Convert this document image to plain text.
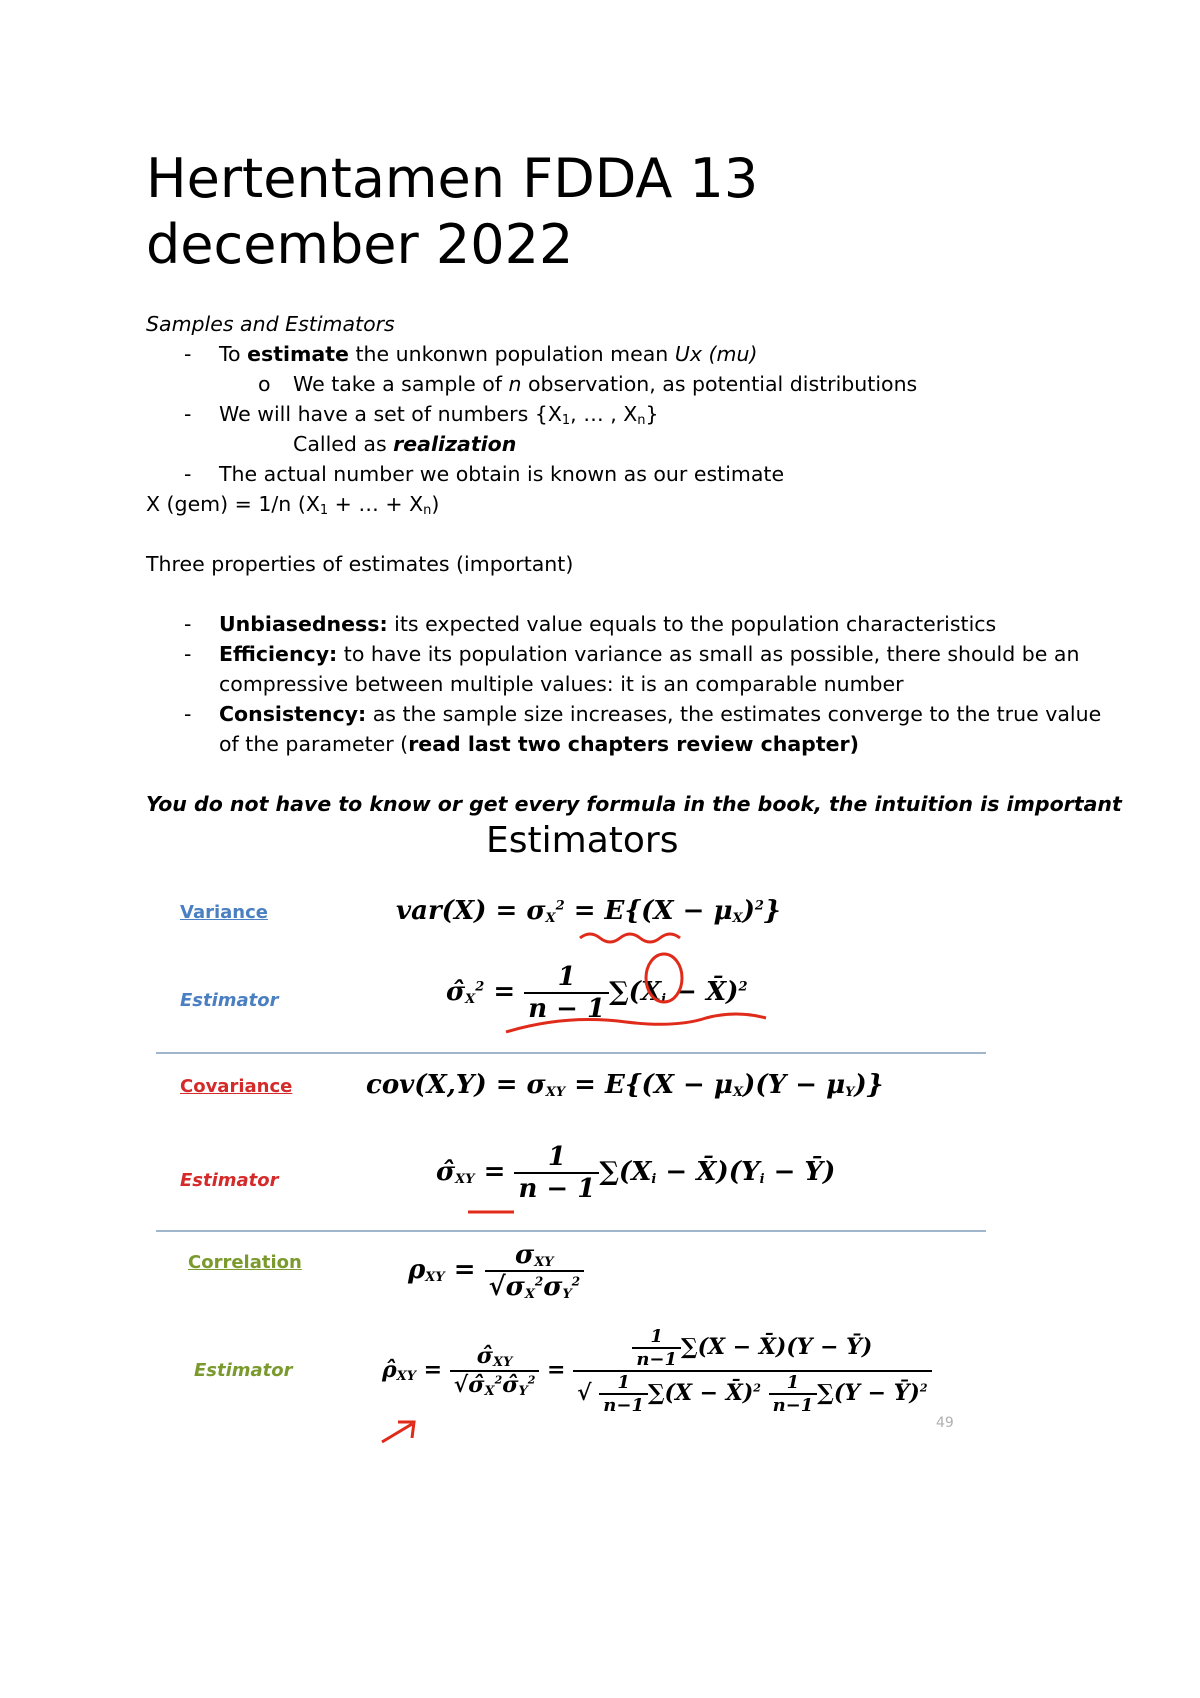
Hertentamen FDDA 13 december 2022
Samples and Estimators
- To estimate the unkonwn population mean Ux (mu)
o We take a sample of n observation, as potential distributions
- We will have a set of numbers {$X_1$, … , $X_n$}
Called as realization
- The actual number we obtain is known as our estimate
X (gem) = 1/n ($X_1$ + … + $X_n$)
Three properties of estimates (important)
- Unbiasedness: its expected value equals to the population characteristics
- Efficiency: to have its population variance as small as possible, there should be an
compressive between multiple values: it is an comparable number
- Consistency: as the sample size increases, the estimates converge to the true value
of the parameter (read last two chapters review chapter)
You do not have to know or get every formula in the book, the intuition is important
Estimators
Variance	$var(X) = \sigma_X^2 = E\{(X - \mu_X)^2\}$
Estimator	$\sigmâ_X^2 = \frac{1}{n - 1} \sum(X_i$ − X̄)$^2$
Covariance	$cov(X,Y) = \sigma_{XY} = E\{(X - \mu_X)(Y - \mu_Y)\}$
Estimator	$\sigmâ_{XY} = \frac{1}{n - 1} \sum(X_i$ − $X̄)(Y_i$ − Ȳ)
Correlation	$\rho_{XY} = \frac{\sigma_{XY}}{√\sigma_X^2\sigma_Y^2}$
Estimator	$\rhô_{XY} = \frac{\sigmâ_{XY}}{√\sigmâ_X^2\sigmâ_Y^2} = \frac{\frac{1}{n-1} \sum(X - X̄)(Y - Ȳ)}{√ \frac{1}{n-1} \sum(X - X̄)^2 \frac{1}{n-1} \sum(Y - Ȳ)^2}$
49
